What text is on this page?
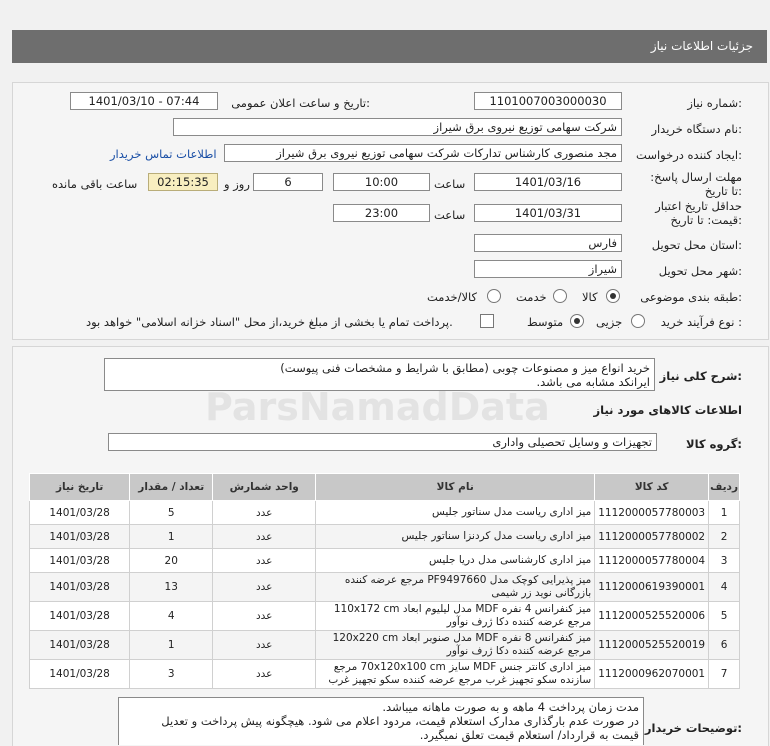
جزئیات اطلاعات نیاز
شماره نیاز:
1101007003000030
تاریخ و ساعت اعلان عمومی:
1401/03/10 - 07:44
نام دستگاه خریدار:
شرکت سهامی توزیع نیروی برق شیراز
ایجاد کننده درخواست:
مجد منصوری کارشناس تدارکات شرکت سهامی توزیع نیروی برق شیراز
اطلاعات تماس خریدار
مهلت ارسال پاسخ: تا تاریخ:
1401/03/16
ساعت
10:00
6
روز و
02:15:35
ساعت باقی مانده
حداقل تاریخ اعتبار قیمت: تا تاریخ:
1401/03/31
ساعت
23:00
استان محل تحویل:
فارس
شهر محل تحویل:
شیراز
طبقه بندی موضوعی:
کالا
خدمت
کالا/خدمت
نوع فرآیند خرید :
جزیی
متوسط
پرداخت تمام یا بخشی از مبلغ خرید،از محل "اسناد خزانه اسلامی" خواهد بود.
شرح کلی نیاز:
خرید انواع میز و مصنوعات چوبی (مطابق با شرایط و مشخصات فنی پیوست)
ایرانکد مشابه می باشد.
اطلاعات کالاهای مورد نیاز
گروه کالا:
تجهیزات و وسایل تحصیلی واداری
ردیف	کد کالا	نام کالا	واحد شمارش	تعداد / مقدار	تاریخ نیاز
1	1112000057780003	میز اداری ریاست مدل سناتور جلیس	عدد	5	1401/03/28
2	1112000057780002	میز اداری ریاست مدل کردنزا سناتور جلیس	عدد	1	1401/03/28
3	1112000057780004	میز اداری کارشناسی مدل دریا جلیس	عدد	20	1401/03/28
4	1112000619390001	میز پذیرایی کوچک مدل PF9497660 مرجع عرضه کننده بازرگانی نوید زر شیمی	عدد	13	1401/03/28
5	1112000525520006	میز کنفرانس 4 نفره MDF مدل لیلیوم ابعاد 110x172 cm مرجع عرضه کننده دکا ژرف نوآور	عدد	4	1401/03/28
6	1112000525520019	میز کنفرانس 8 نفره MDF مدل صنوبر ابعاد 120x220 cm مرجع عرضه کننده دکا ژرف نوآور	عدد	1	1401/03/28
7	1112000962070001	میز اداری کانتر جنس MDF سایز 70x120x100 cm مرجع سازنده سکو تجهیز غرب مرجع عرضه کننده سکو تجهیز غرب	عدد	3	1401/03/28
توضیحات خریدار:
مدت زمان پرداخت 4 ماهه و به صورت ماهانه میباشد.
در صورت عدم بارگذاری مدارک استعلام قیمت، مردود اعلام می شود. هیچگونه پیش پرداخت و تعدیل
قیمت به قرارداد/ استعلام قیمت تعلق نمیگیرد.
